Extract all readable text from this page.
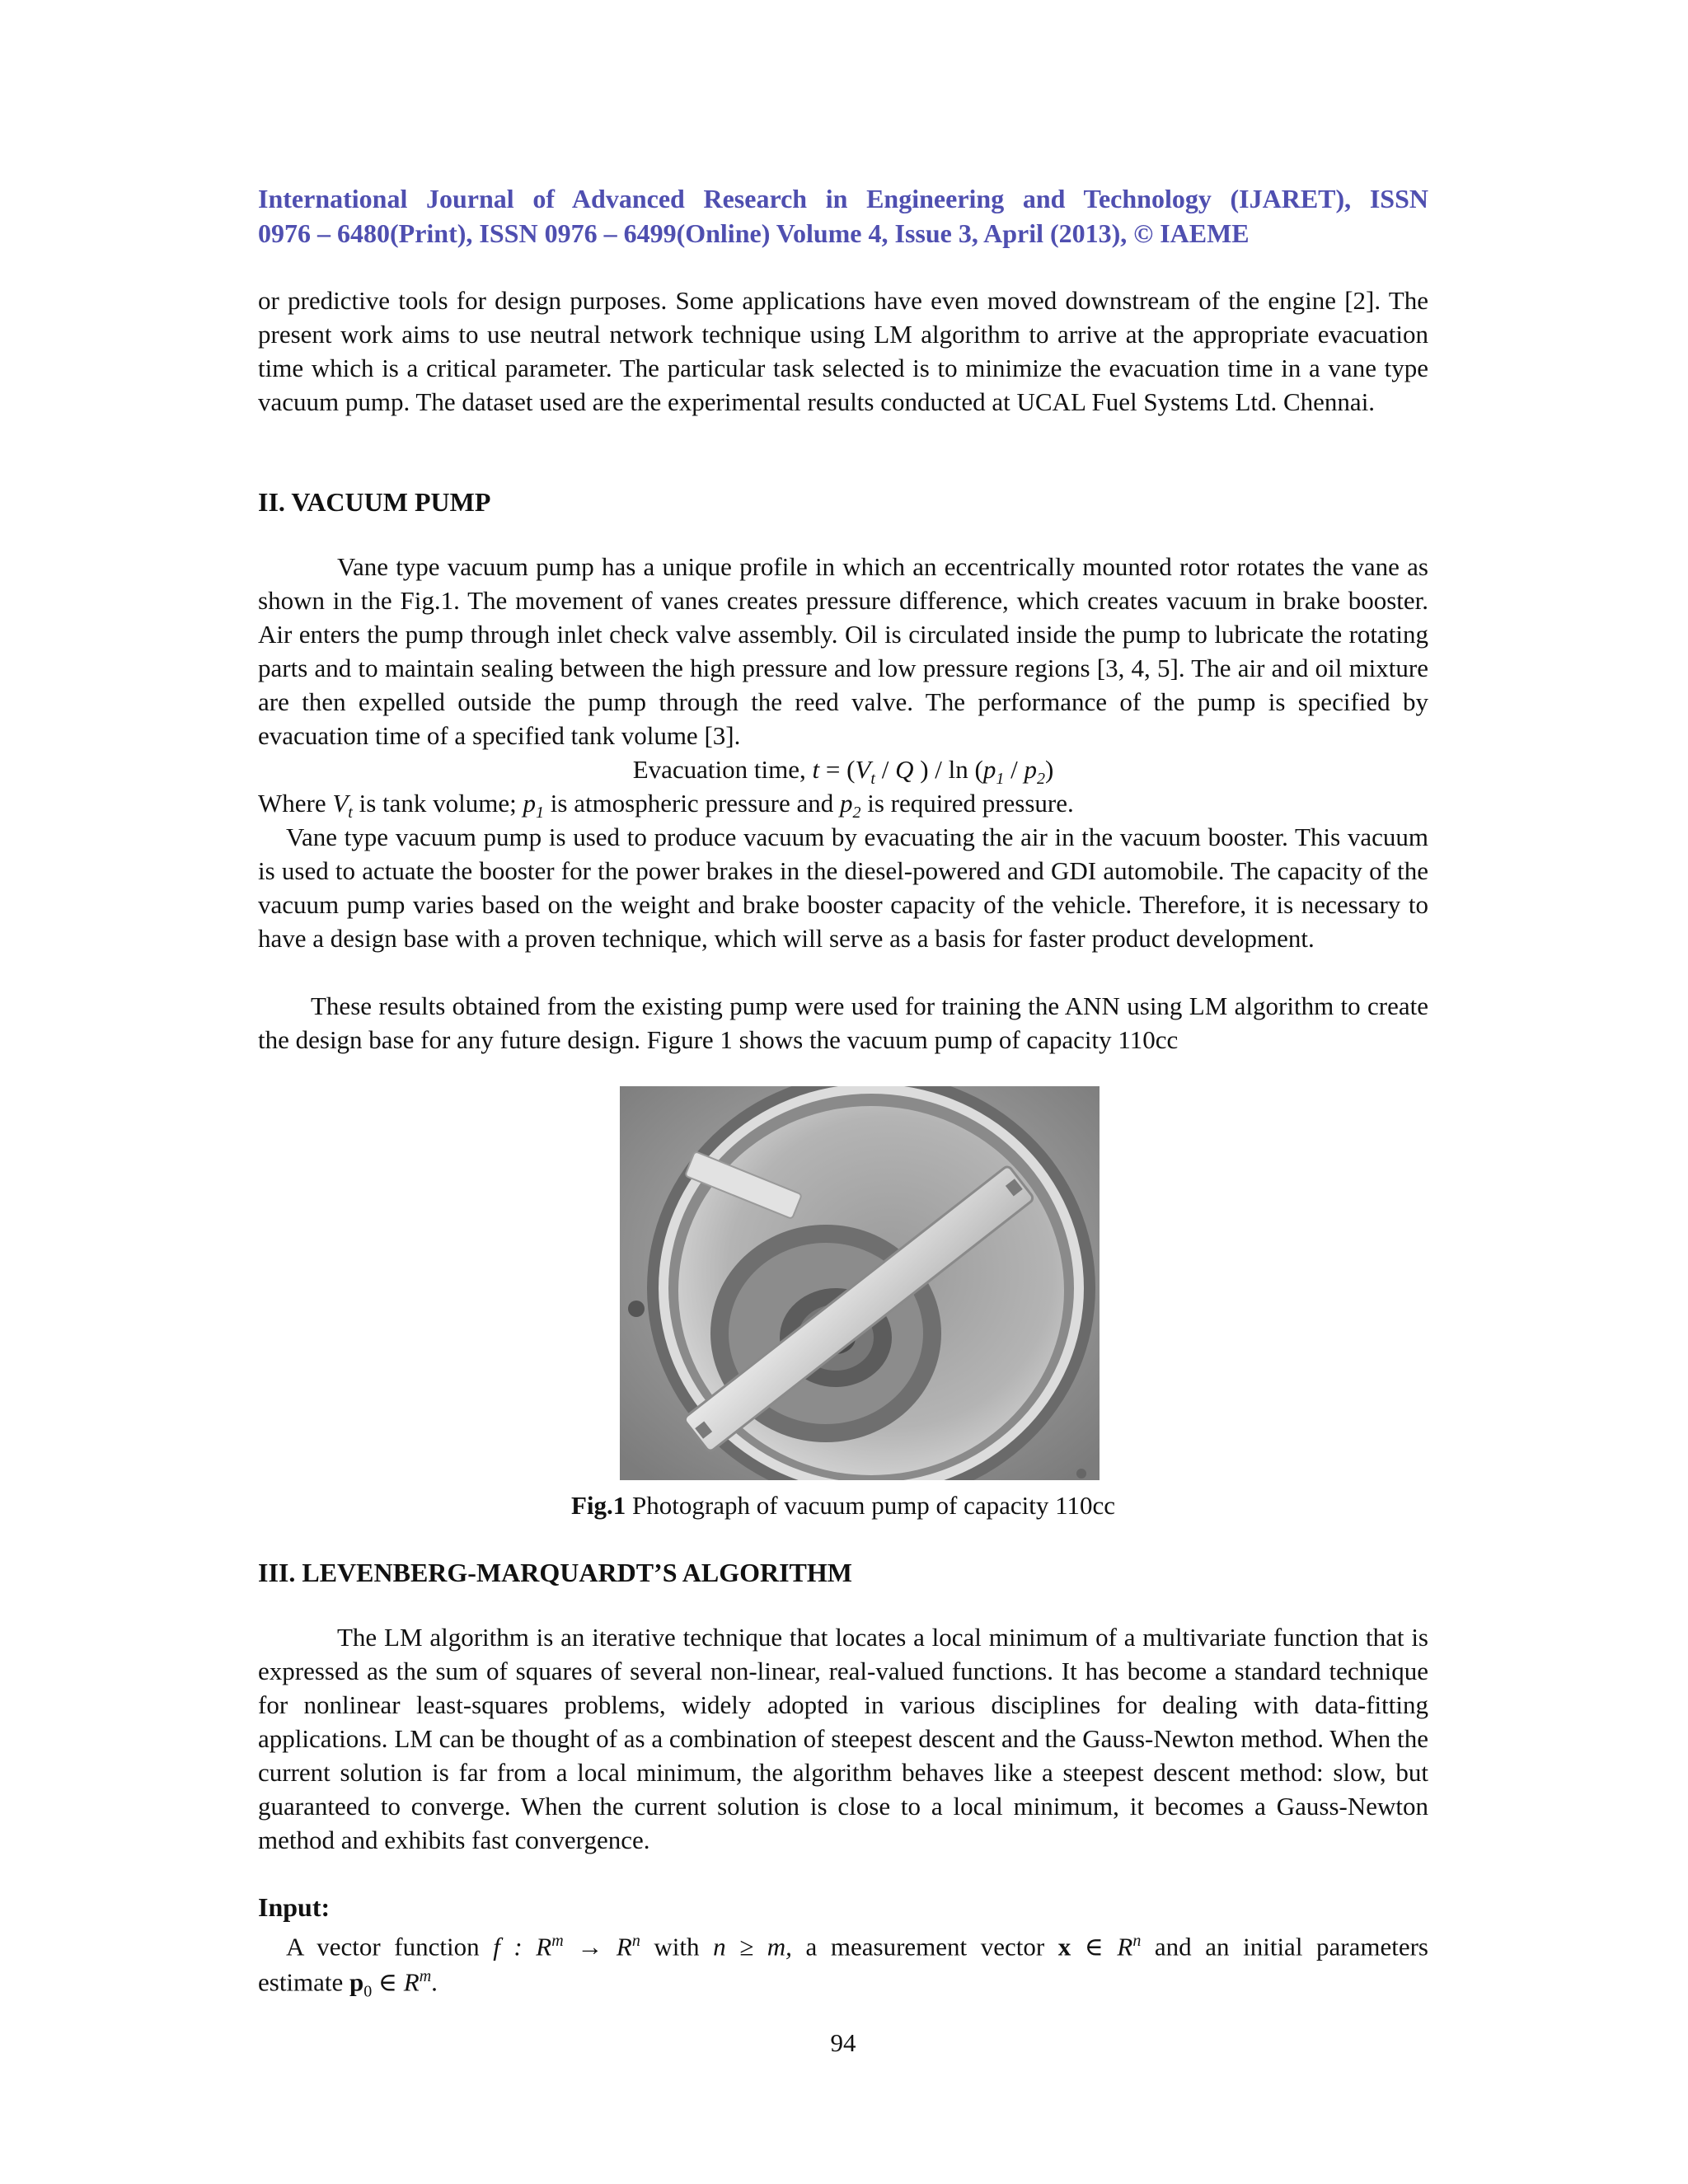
International Journal of Advanced Research in Engineering and Technology (IJARET), ISSN
0976 – 6480(Print), ISSN 0976 – 6499(Online) Volume 4, Issue 3, April (2013), © IAEME
or predictive tools for design purposes. Some applications have even moved downstream of the engine [2]. The present work aims to use neutral network technique using LM algorithm to arrive at the appropriate evacuation time which is a critical parameter. The particular task selected is to minimize the evacuation time in a vane type vacuum pump. The dataset used are the experimental results conducted at UCAL Fuel Systems Ltd. Chennai.
II. VACUUM PUMP
Vane type vacuum pump has a unique profile in which an eccentrically mounted rotor rotates the vane as shown in the Fig.1. The movement of vanes creates pressure difference, which creates vacuum in brake booster. Air enters the pump through inlet check valve assembly. Oil is circulated inside the pump to lubricate the rotating parts and to maintain sealing between the high pressure and low pressure regions [3, 4, 5]. The air and oil mixture are then expelled outside the pump through the reed valve. The performance of the pump is specified by evacuation time of a specified tank volume [3].
Evacuation time, $t = (V_t / Q$ ) / $\ln (p_1 / p_2)$
Where $V_t$ is tank volume; $p_1$ is atmospheric pressure and $p_2$ is required pressure.
Vane type vacuum pump is used to produce vacuum by evacuating the air in the vacuum booster. This vacuum is used to actuate the booster for the power brakes in the diesel-powered and GDI automobile. The capacity of the vacuum pump varies based on the weight and brake booster capacity of the vehicle. Therefore, it is necessary to have a design base with a proven technique, which will serve as a basis for faster product development.
These results obtained from the existing pump were used for training the ANN using LM algorithm to create the design base for any future design. Figure 1 shows the vacuum pump of capacity 110cc
Fig.1 Photograph of vacuum pump of capacity 110cc
III. LEVENBERG-MARQUARDT’S ALGORITHM
The LM algorithm is an iterative technique that locates a local minimum of a multivariate function that is expressed as the sum of squares of several non-linear, real-valued functions. It has become a standard technique for nonlinear least-squares problems, widely adopted in various disciplines for dealing with data-fitting applications. LM can be thought of as a combination of steepest descent and the Gauss-Newton method. When the current solution is far from a local minimum, the algorithm behaves like a steepest descent method: slow, but guaranteed to converge. When the current solution is close to a local minimum, it becomes a Gauss-Newton method and exhibits fast convergence.
Input:
A vector function f : $R^m \to R^n$ with n ≥ m, a measurement vector x ∈ $R^n$ and an initial parameters
estimate $p_0$ ∈ $R^m$.
94
